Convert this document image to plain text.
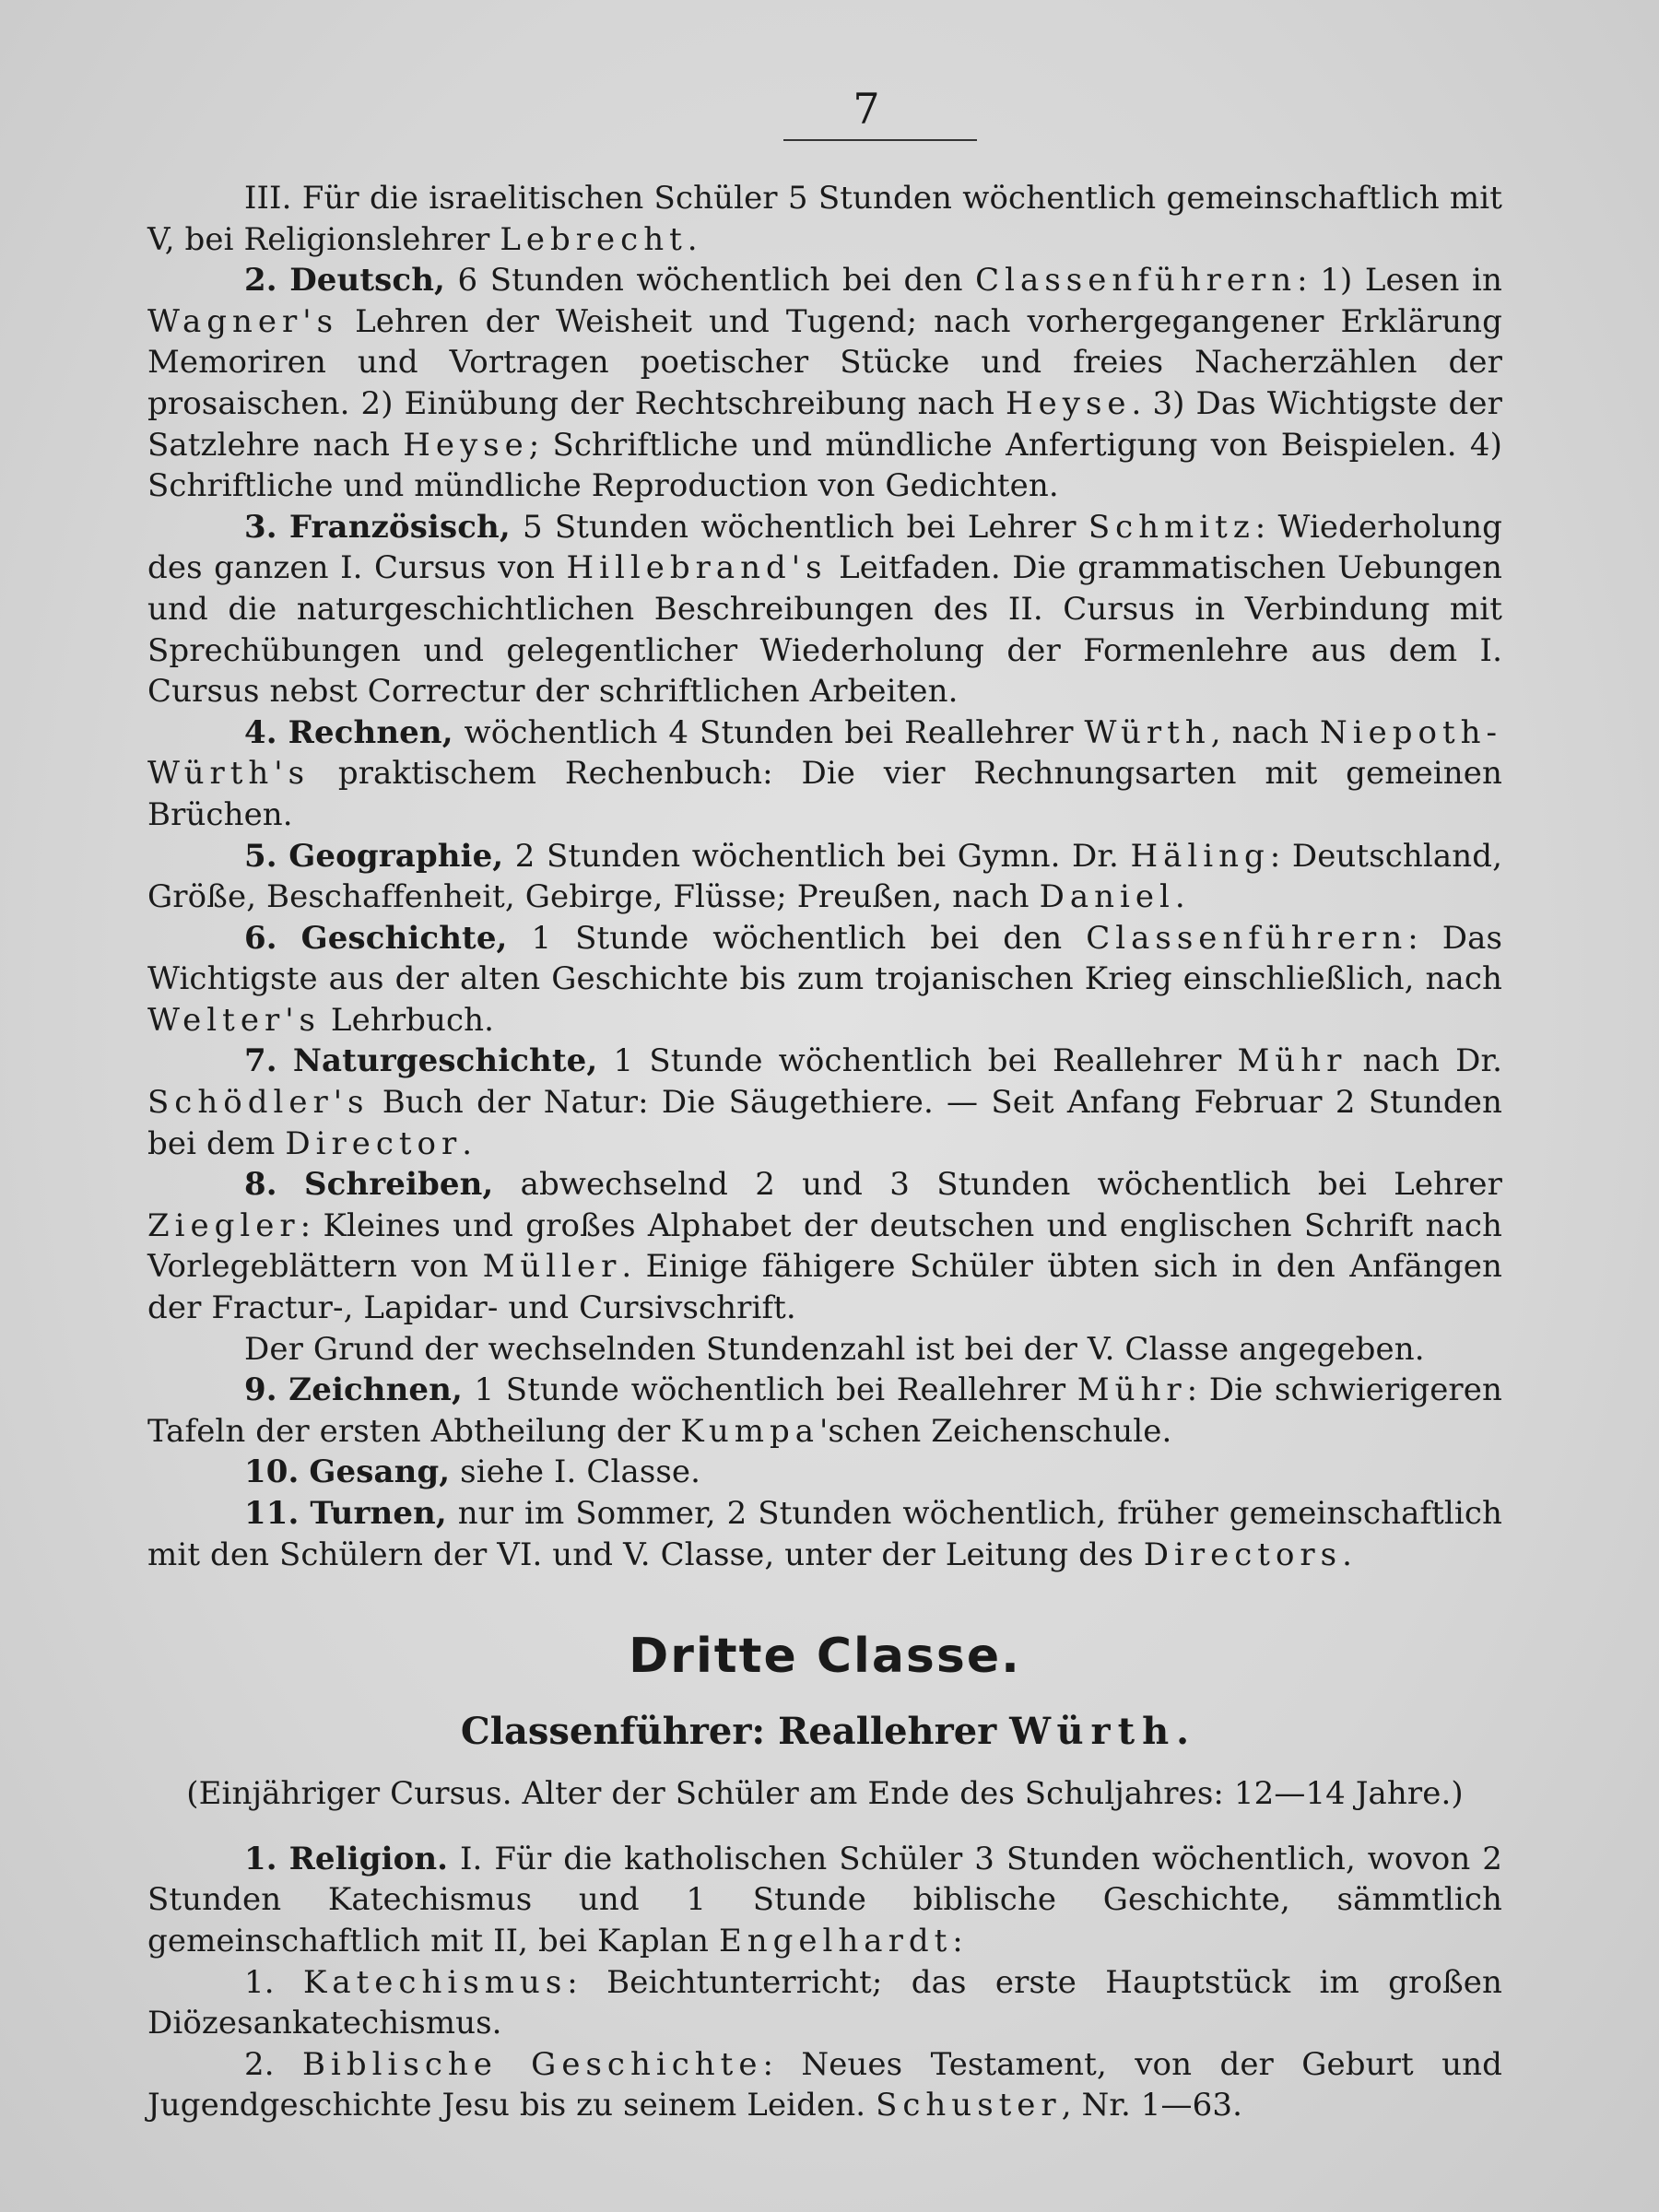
7

III. Für die israelitischen Schüler 5 Stunden wöchentlich gemeinschaftlich mit V, bei Religionslehrer Lebrecht.

2. Deutsch, 6 Stunden wöchentlich bei den Classenführern: 1) Lesen in Wagner's Lehren der Weisheit und Tugend; nach vorhergegangener Erklärung Memoriren und Vortragen poetischer Stücke und freies Nacherzählen der prosaischen. 2) Einübung der Rechtschreibung nach Heyse. 3) Das Wichtigste der Satzlehre nach Heyse; Schriftliche und mündliche Anfertigung von Beispielen. 4) Schriftliche und mündliche Reproduction von Gedichten.

3. Französisch, 5 Stunden wöchentlich bei Lehrer Schmitz: Wiederholung des ganzen I. Cursus von Hillebrand's Leitfaden. Die grammatischen Uebungen und die naturgeschichtlichen Beschreibungen des II. Cursus in Verbindung mit Sprechübungen und gelegentlicher Wiederholung der Formenlehre aus dem I. Cursus nebst Correctur der schriftlichen Arbeiten.

4. Rechnen, wöchentlich 4 Stunden bei Reallehrer Würth, nach Niepoth-Würth's praktischem Rechenbuch: Die vier Rechnungsarten mit gemeinen Brüchen.

5. Geographie, 2 Stunden wöchentlich bei Gymn. Dr. Häling: Deutschland, Größe, Beschaffenheit, Gebirge, Flüsse; Preußen, nach Daniel.

6. Geschichte, 1 Stunde wöchentlich bei den Classenführern: Das Wichtigste aus der alten Geschichte bis zum trojanischen Krieg einschließlich, nach Welter's Lehrbuch.

7. Naturgeschichte, 1 Stunde wöchentlich bei Reallehrer Mühr nach Dr. Schödler's Buch der Natur: Die Säugethiere. — Seit Anfang Februar 2 Stunden bei dem Director.

8. Schreiben, abwechselnd 2 und 3 Stunden wöchentlich bei Lehrer Ziegler: Kleines und großes Alphabet der deutschen und englischen Schrift nach Vorlegeblättern von Müller. Einige fähigere Schüler übten sich in den Anfängen der Fractur-, Lapidar- und Cursivschrift.

Der Grund der wechselnden Stundenzahl ist bei der V. Classe angegeben.

9. Zeichnen, 1 Stunde wöchentlich bei Reallehrer Mühr: Die schwierigeren Tafeln der ersten Abtheilung der Kumpa'schen Zeichenschule.

10. Gesang, siehe I. Classe.

11. Turnen, nur im Sommer, 2 Stunden wöchentlich, früher gemeinschaftlich mit den Schülern der VI. und V. Classe, unter der Leitung des Directors.

Dritte Classe.
Classenführer: Reallehrer Würth.

(Einjähriger Cursus. Alter der Schüler am Ende des Schuljahres: 12—14 Jahre.)

1. Religion. I. Für die katholischen Schüler 3 Stunden wöchentlich, wovon 2 Stunden Katechismus und 1 Stunde biblische Geschichte, sämmtlich gemeinschaftlich mit II, bei Kaplan Engelhardt:

1. Katechismus: Beichtunterricht; das erste Hauptstück im großen Diözesankatechismus.

2. Biblische Geschichte: Neues Testament, von der Geburt und Jugendgeschichte Jesu bis zu seinem Leiden. Schuster, Nr. 1—63.
